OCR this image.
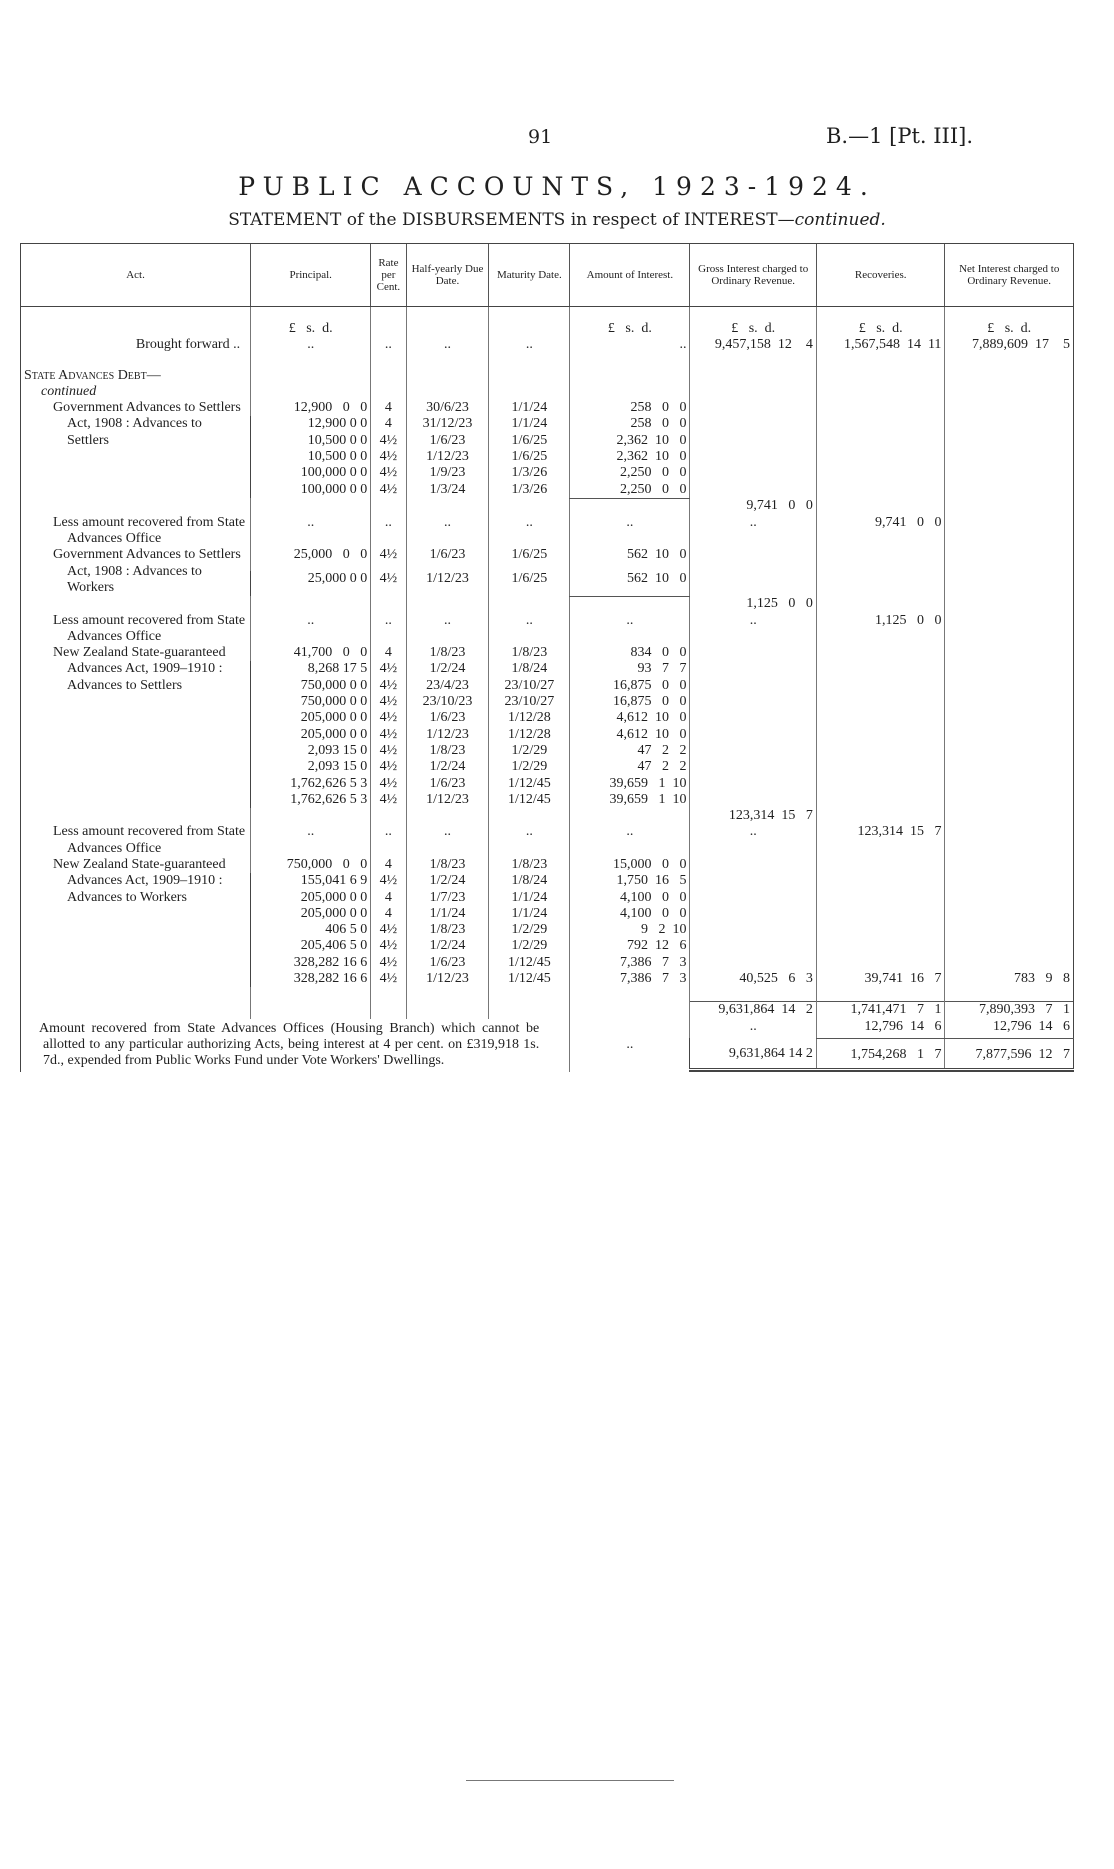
91	B.—1 [Pt. III].
PUBLIC ACCOUNTS, 1923-1924.
STATEMENT of the DISBURSEMENTS in respect of INTEREST—continued.
Act.	Principal.	Rate per Cent.	Half-yearly Due Date.	Maturity Date.	Amount of Interest.	Gross Interest charged to Ordinary Revenue.	Recoveries.	Net Interest charged to Ordinary Revenue.

	£   s.  d.				£   s.  d.	£   s.  d.	£   s.  d.	£   s.  d.
Brought forward ..	..	..	..	..	..	9,457,158  12    4	1,567,548  14  11	7,889,609  17    5

State Advances Debt—								
continued								
Government Advances to Settlers Act, 1908 : Advances to Settlers	12,900   0   0	4	30/6/23	1/1/24	258   0   0			
	12,900 0 0	4	31/12/23	1/1/24	258   0   0			
	10,500 0 0	4½	1/6/23	1/6/25	2,362  10   0			
	10,500 0 0	4½	1/12/23	1/6/25	2,362  10   0			
	100,000 0 0	4½	1/9/23	1/3/26	2,250   0   0			
	100,000 0 0	4½	1/3/24	1/3/26	2,250   0   0			
						9,741   0   0		
Less amount recovered from State Advances Office	..	..	..	..	..	..	9,741   0   0	
Government Advances to Settlers Act, 1908 : Advances to Workers	25,000   0   0	4½	1/6/23	1/6/25	562  10   0			
	25,000 0 0	4½	1/12/23	1/6/25	562  10   0			
						1,125   0   0		
Less amount recovered from State Advances Office	..	..	..	..	..	..	1,125   0   0	
New Zealand State-guaranteed Advances Act, 1909–1910 : Advances to Settlers	41,700   0   0	4	1/8/23	1/8/23	834   0   0			
	8,268 17 5	4½	1/2/24	1/8/24	93   7   7			
	750,000 0 0	4½	23/4/23	23/10/27	16,875   0   0			
	750,000 0 0	4½	23/10/23	23/10/27	16,875   0   0			
	205,000 0 0	4½	1/6/23	1/12/28	4,612  10   0			
	205,000 0 0	4½	1/12/23	1/12/28	4,612  10   0			
	2,093 15 0	4½	1/8/23	1/2/29	47   2   2			
	2,093 15 0	4½	1/2/24	1/2/29	47   2   2			
	1,762,626 5 3	4½	1/6/23	1/12/45	39,659   1  10			
	1,762,626 5 3	4½	1/12/23	1/12/45	39,659   1  10			
						123,314  15   7		
Less amount recovered from State Advances Office	..	..	..	..	..	..	123,314  15   7	
New Zealand State-guaranteed Advances Act, 1909–1910 : Advances to Workers	750,000   0   0	4	1/8/23	1/8/23	15,000   0   0			
	155,041 6 9	4½	1/2/24	1/8/24	1,750  16   5			
	205,000 0 0	4	1/7/23	1/1/24	4,100   0   0			
	205,000 0 0	4	1/1/24	1/1/24	4,100   0   0			
	406 5 0	4½	1/8/23	1/2/29	9   2  10			
	205,406 5 0	4½	1/2/24	1/2/29	792  12   6			
	328,282 16 6	4½	1/6/23	1/12/45	7,386   7   3			
	328,282 16 6	4½	1/12/23	1/12/45	7,386   7   3	40,525   6   3	39,741  16   7	783   9   8

						9,631,864  14   2	1,741,471   7   1	7,890,393   7   1
Amount recovered from State Advances Offices (Housing Branch) which cannot be allotted to any particular authorizing Acts, being interest at 4 per cent. on £319,918 1s. 7d., expended from Public Works Fund under Vote Workers' Dwellings.					..	..	12,796  14   6	12,796  14   6
						9,631,864 14 2	1,754,268   1   7	7,877,596  12   7
